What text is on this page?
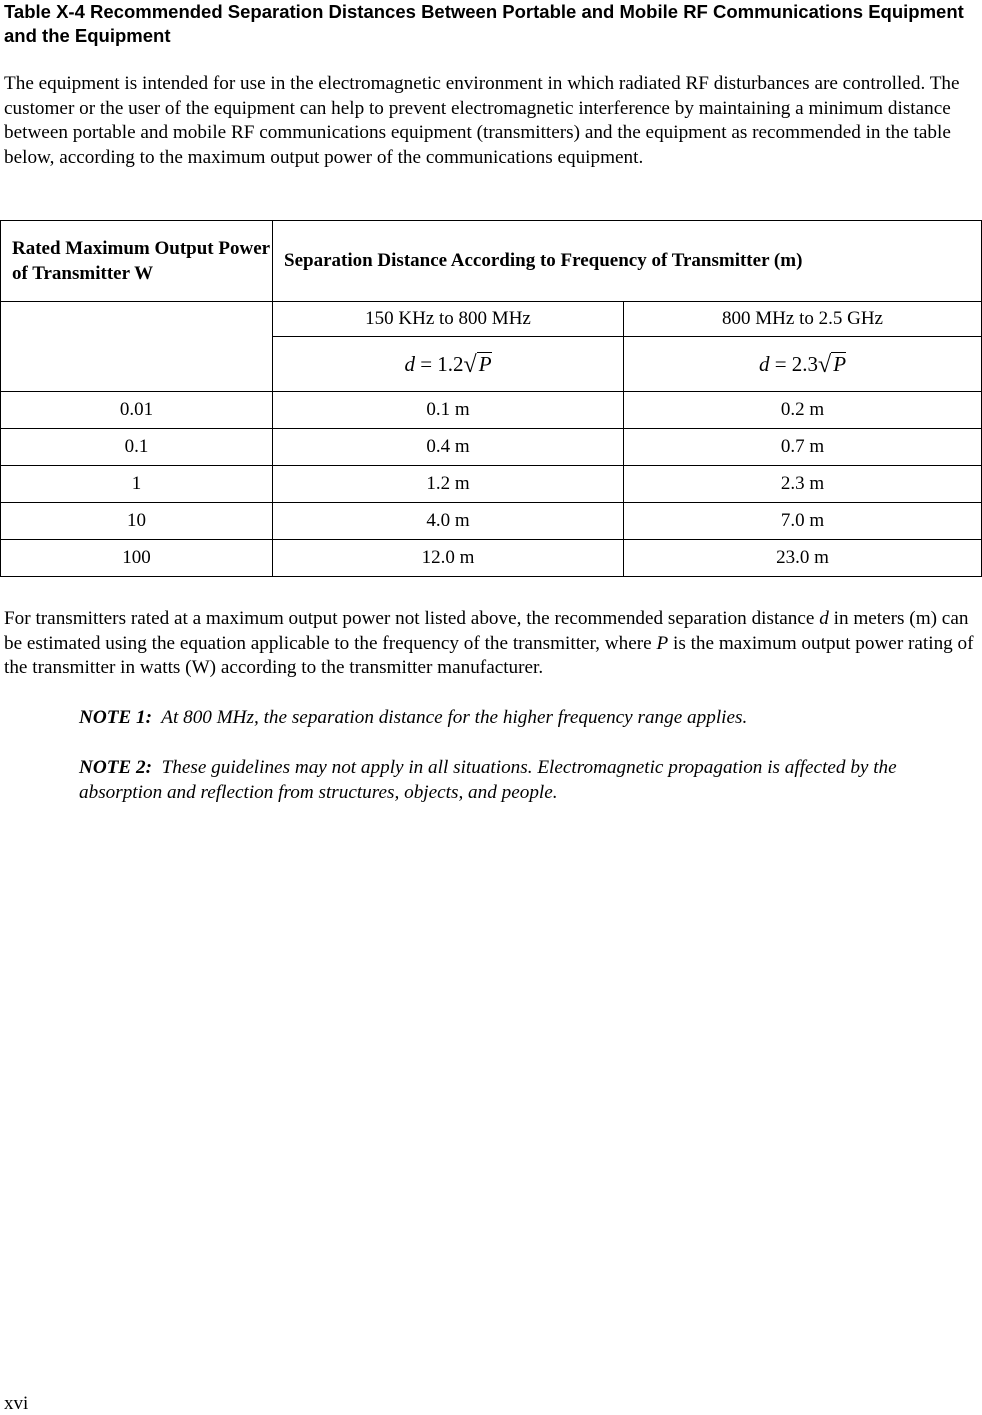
Table X-4 Recommended Separation Distances Between Portable and Mobile RF Communications Equipment and the Equipment
The equipment is intended for use in the electromagnetic environment in which radiated RF disturbances are controlled. The customer or the user of the equipment can help to prevent electromagnetic interference by maintaining a minimum distance between portable and mobile RF communications equipment (transmitters) and the equipment as recommended in the table below, according to the maximum output power of the communications equipment.
Rated Maximum Output Power of Transmitter W	Separation Distance According to Frequency of Transmitter (m)	
	150 KHz to 800 MHz	800 MHz to 2.5 GHz
	d = 1.2√P	d = 2.3√P
0.01	0.1 m	0.2 m
0.1	0.4 m	0.7 m
1	1.2 m	2.3 m
10	4.0 m	7.0 m
100	12.0 m	23.0 m
For transmitters rated at a maximum output power not listed above, the recommended separation distance d in meters (m) can be estimated using the equation applicable to the frequency of the transmitter, where P is the maximum output power rating of the transmitter in watts (W) according to the transmitter manufacturer.
NOTE 1: At 800 MHz, the separation distance for the higher frequency range applies.
NOTE 2: These guidelines may not apply in all situations. Electromagnetic propagation is affected by the absorption and reflection from structures, objects, and people.
xvi
